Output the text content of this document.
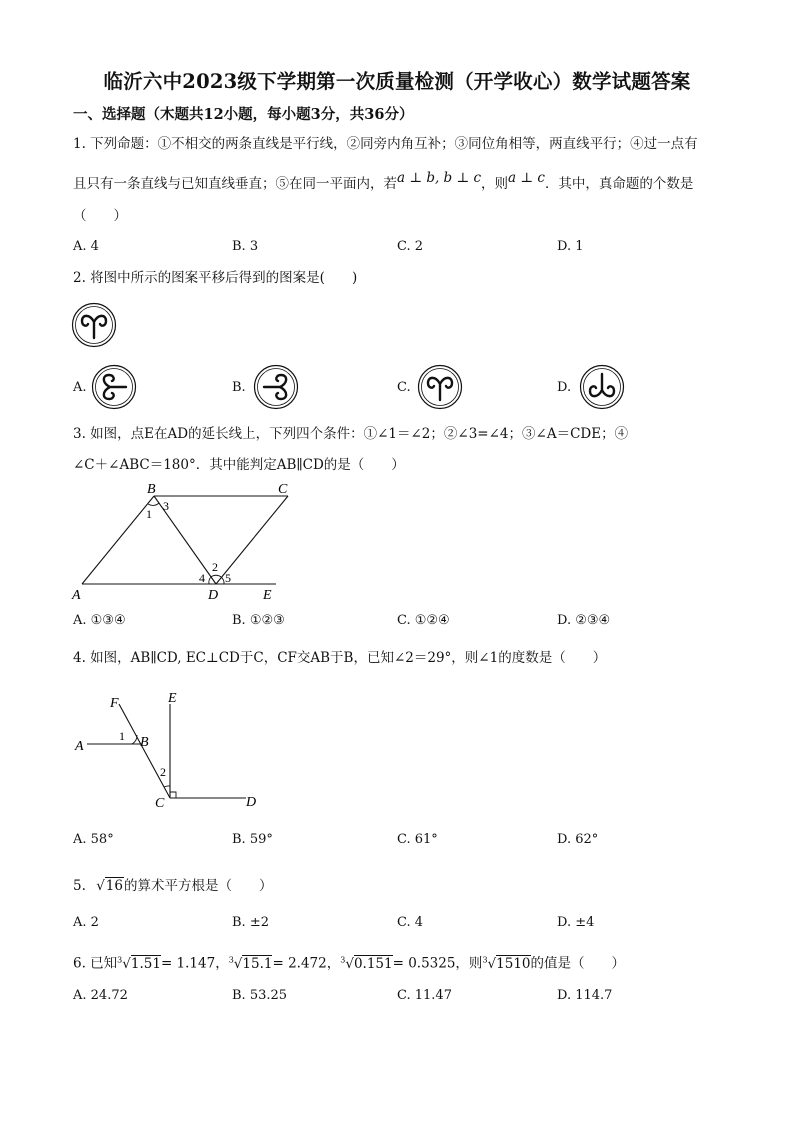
临沂六中2023级下学期第一次质量检测（开学收心）数学试题答案
一、选择题（木题共12小题，每小题3分，共36分）
1. 下列命题：①不相交的两条直线是平行线，②同旁内角互补；③同位角相等，两直线平行；④过一点有
且只有一条直线与已知直线垂直；⑤在同一平面内，若a ⊥ b, b ⊥ c，则a ⊥ c．其中，真命题的个数是
（　　）
A. 4	B. 3	C. 2	D. 1
2. 将图中所示的图案平移后得到的图案是(　　)
A.	B.	C.	D.
3. 如图，点E在AD的延长线上，下列四个条件：①∠1＝∠2；②∠3=∠4；③∠A＝CDE；④
∠C＋∠ABC＝180°．其中能判定AB∥CD的是（　　）
B	C
A	D	E
1
3
2
4 5
A. ①③④	B. ①②③	C. ①②④	D. ②③④
4. 如图，AB∥CD, EC⊥CD于C，CF交AB于B，已知∠2＝29°，则∠1的度数是（　　）
F	E
A
1 B
2
C	D
A. 58°	B. 59°	C. 61°	D. 62°
5. √16的算术平方根是（　　）
A. 2	B. ±2	C. 4	D. ±4
6. 已知$^3$√1.51= 1.147，$^3$√15.1= 2.472，$^3$√0.151= 0.5325，则$^3$√1510的值是（　　）
A. 24.72	B. 53.25	C. 11.47	D. 114.7
